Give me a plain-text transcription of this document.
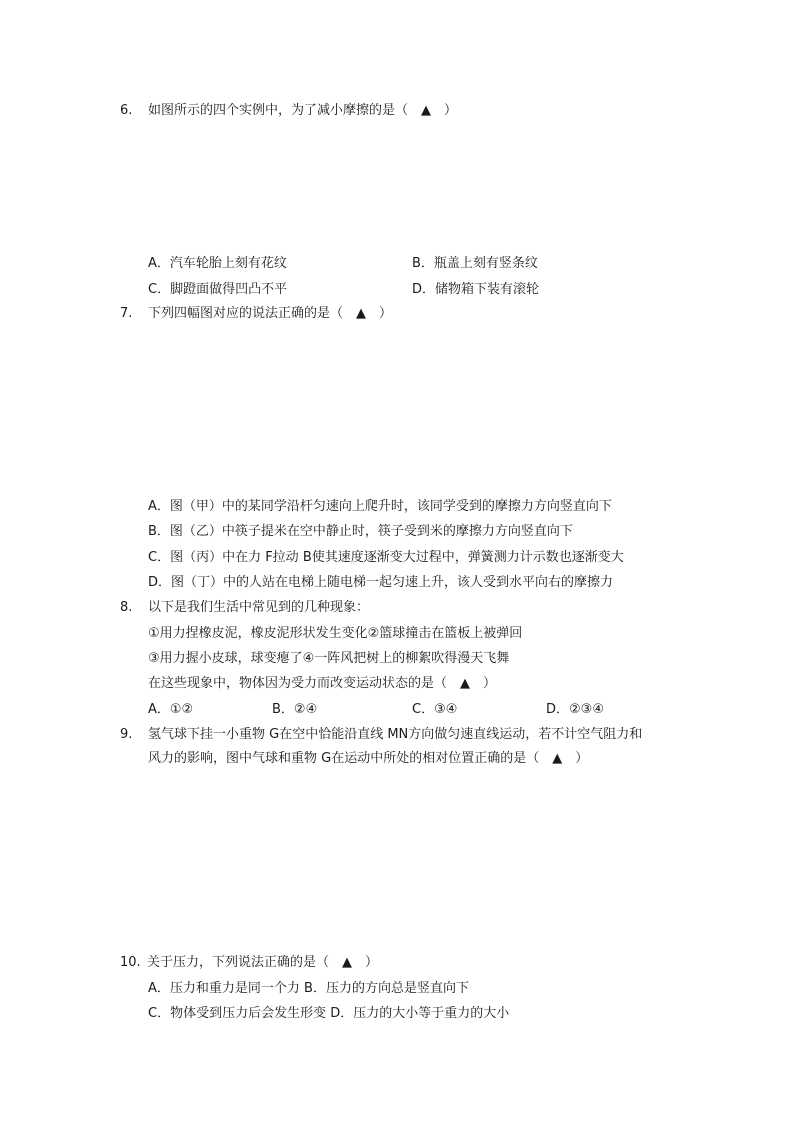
6. 如图所示的四个实例中，为了减小摩擦的是（　▲　）
A．汽车轮胎上刻有花纹	B．瓶盖上刻有竖条纹
C．脚蹬面做得凹凸不平	D．储物箱下装有滚轮
7. 下列四幅图对应的说法正确的是（　▲　）
A．图（甲）中的某同学沿杆匀速向上爬升时，该同学受到的摩擦力方向竖直向下
B．图（乙）中筷子提米在空中静止时，筷子受到米的摩擦力方向竖直向下
C．图（丙）中在力 F拉动 B使其速度逐渐变大过程中，弹簧测力计示数也逐渐变大
D．图（丁）中的人站在电梯上随电梯一起匀速上升，该人受到水平向右的摩擦力
8. 以下是我们生活中常见到的几种现象：
①用力捏橡皮泥，橡皮泥形状发生变化②篮球撞击在篮板上被弹回
③用力握小皮球，球变瘪了④一阵风把树上的柳絮吹得漫天飞舞
在这些现象中，物体因为受力而改变运动状态的是（　▲　）
A．①②	B．②④	C．③④	D．②③④
9. 氢气球下挂一小重物 G在空中恰能沿直线 MN方向做匀速直线运动，若不计空气阻力和
风力的影响，图中气球和重物 G在运动中所处的相对位置正确的是（　▲　）
10. 关于压力，下列说法正确的是（　▲　）
A．压力和重力是同一个力 B．压力的方向总是竖直向下
C．物体受到压力后会发生形变 D．压力的大小等于重力的大小
